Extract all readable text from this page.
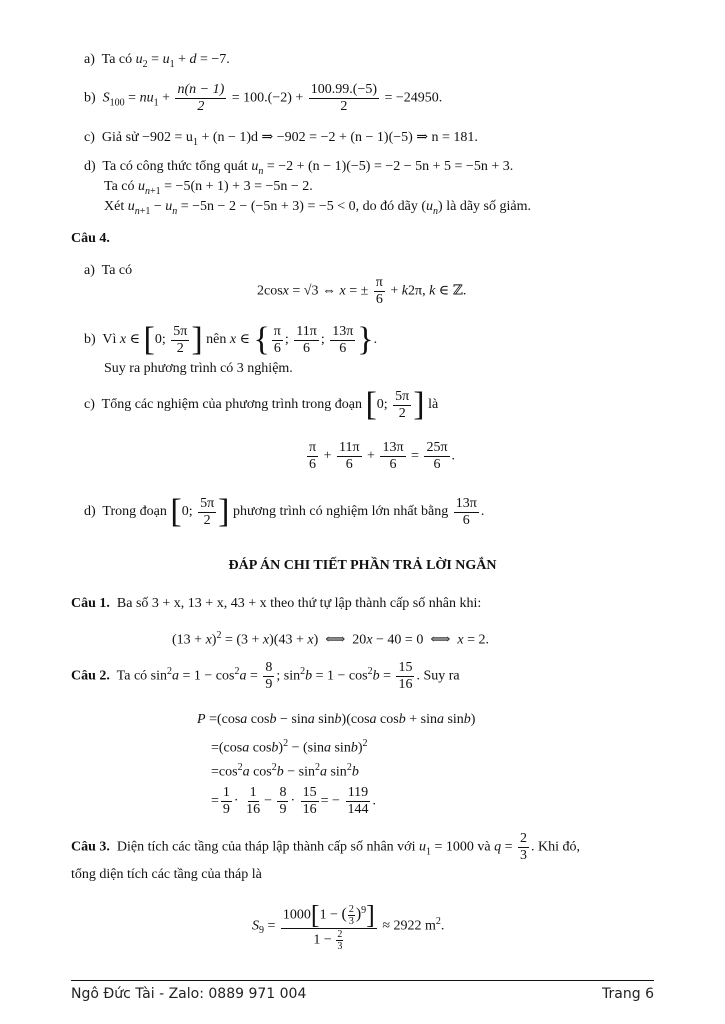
a) Ta có $u_2 = u_1 + d = -7$.
b) $S_{100} = nu_1 + \frac{n(n - 1)}{2} = 100.(-2) + \frac{100.99.(-5)}{2} = -24950$.
c) Giả sử $-902 = u_1 + (n - 1)d$ ⇒ −902 = −2 + (n − 1)(−5) ⇒ n = 181.
d) Ta có công thức tổng quát $u_n = -2 + (n - 1)(-5) = -2 - 5n + 5 = -5n + 3$.
Ta có $u_{n+1} = -5(n + 1) + 3 = -5n - 2$.
Xét $u_{n+1} - u_n = -5n - 2 - (-5n + 3) = -5 < 0$, do đó dãy $(u_n)$ là dãy số giảm.
Câu 4.
a) Ta có
2cosx = √3 ⇔ x = ± $\frac{\pi}{6} + k2\pi$, k ∈ ℤ.
b) Vì x ∈ [0; $\frac{5\pi}{2}$ ] nên x ∈ { $\frac{\pi}{6}$ ; $\frac{11\pi}{6}$ ; $\frac{13\pi}{6}$ }.
Suy ra phương trình có 3 nghiệm.
c) Tổng các nghiệm của phương trình trong đoạn [0; $\frac{5\pi}{2}$ ] là
$\frac{\pi}{6} + \frac{11\pi}{6} + \frac{13\pi}{6} = \frac{25\pi}{6}$ .
d) Trong đoạn [0; $\frac{5\pi}{2}$ ] phương trình có nghiệm lớn nhất bằng $\frac{13\pi}{6}$ .
ĐÁP ÁN CHI TIẾT PHẦN TRẢ LỜI NGẮN
Câu 1. Ba số 3 + x, 13 + x, 43 + x theo thứ tự lập thành cấp số nhân khi:
$(13 + x)^2 = (3 + x)(43 + x)$  ⟺  20x − 40 = 0  ⟺  x = 2.
Câu 2. Ta có $\sin^2a = 1 - \cos^2a = \frac{8}{9}$ ; $\sin^2b = 1 - \cos^2b = \frac{15}{16}$ . Suy ra
P =(cosa cosb − sina sinb)(cosa cosb + sina sinb)
=(cosa cosb)$^2$ − (sina sinb)$^2$
$=\cos^2a$ $\cos^2b - \sin^2a$ $\sin^2b$
= $\frac{1}{9} \cdot \frac{1}{16} - \frac{8}{9} \cdot \frac{15}{16}$ = − $\frac{119}{144}$ .
Câu 3. Diện tích các tầng của tháp lập thành cấp số nhân với $u_1 = 1000$ và $q = \frac{2}{3}$ . Khi đó,
tổng diện tích các tầng của tháp là
$S_9 = \frac{1000[1 - ( \frac{2}{3} )^9]}{1 - \frac{2}{3}} \approx 2922$ $m^2$.
Ngô Đức Tài - Zalo: 0889 971 004	Trang 6
